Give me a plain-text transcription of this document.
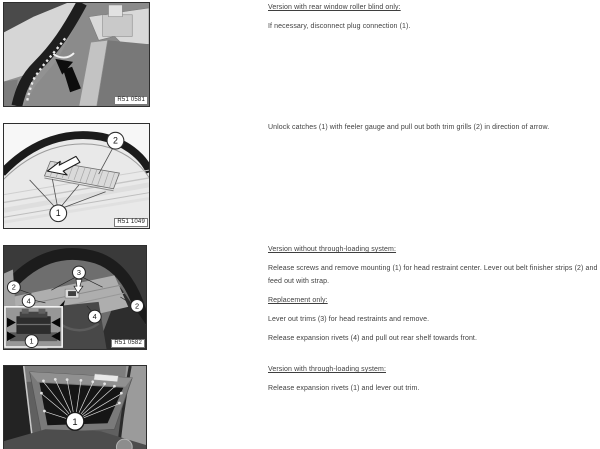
R51 0581

Version with rear window roller blind only:

If necessary, disconnect plug connection (1).

2
1
R51 1049

Unlock catches (1) with feeler gauge and pull out both trim grills (2) in direction of arrow.

2
4
3
4
2
1	R51 0582

Version without through-loading system:

Release screws and remove mounting (1) for head restraint center. Lever out belt finisher strips (2) and feed out with strap.

Replacement only:

Lever out trims (3) for head restraints and remove.

Release expansion rivets (4) and pull out rear shelf towards front.

1

Version with through-loading system:

Release expansion rivets (1) and lever out trim.
